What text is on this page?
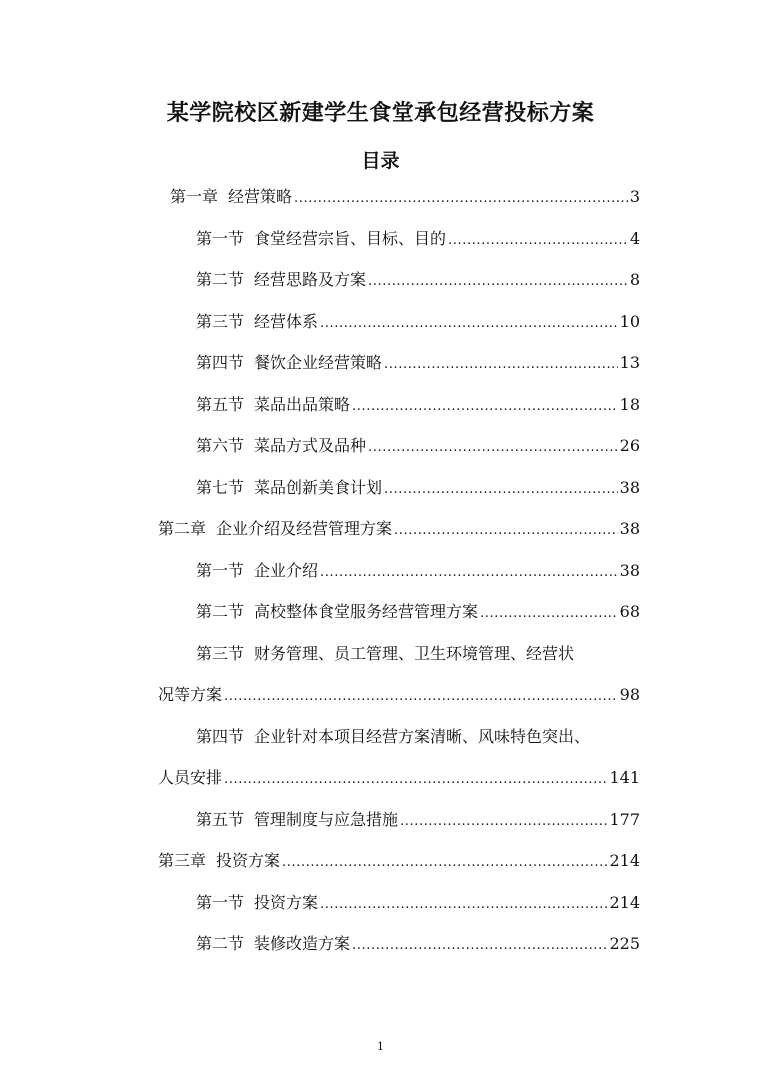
某学院校区新建学生食堂承包经营投标方案
目录
第一章 经营策略 .....	3
第一节 食堂经营宗旨、目标、目的 .....	4
第二节 经营思路及方案 .....	8
第三节 经营体系 .....	10
第四节 餐饮企业经营策略 .....	13
第五节 菜品出品策略 .....	18
第六节 菜品方式及品种 .....	26
第七节 菜品创新美食计划 .....	38
第二章 企业介绍及经营管理方案 .....	38
第一节 企业介绍 .....	38
第二节 高校整体食堂服务经营管理方案 .....	68
第三节 财务管理、员工管理、卫生环境管理、经营状
况等方案 .....	98
第四节 企业针对本项目经营方案清晰、风味特色突出、
人员安排 .....	141
第五节 管理制度与应急措施 .....	177
第三章 投资方案 .....	214
第一节 投资方案 .....	214
第二节 装修改造方案 .....	225
1
